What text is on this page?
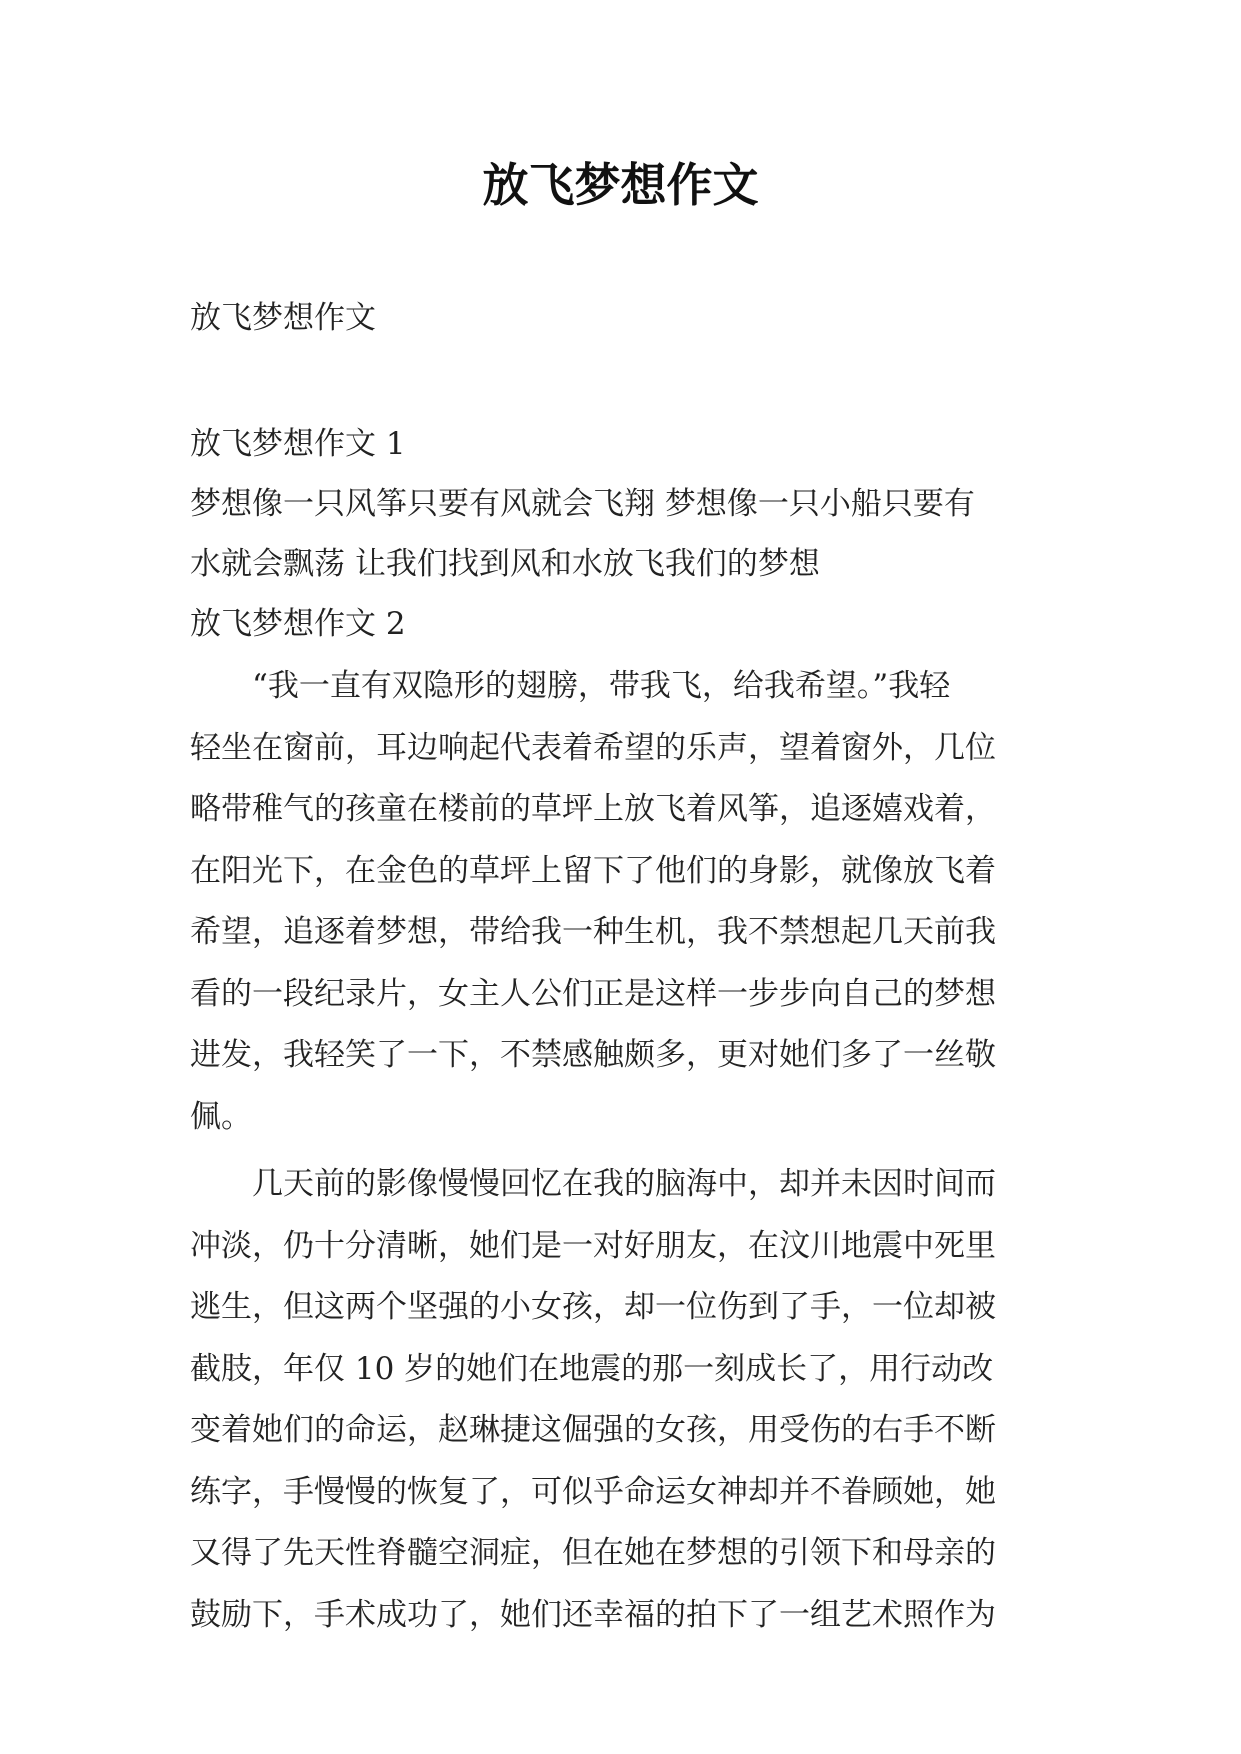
放飞梦想作文
放飞梦想作文
放飞梦想作文 1
梦想像一只风筝只要有风就会飞翔 梦想像一只小船只要有
水就会飘荡 让我们找到风和水放飞我们的梦想
放飞梦想作文 2
“我一直有双隐形的翅膀，带我飞，给我希望。”我轻
轻坐在窗前，耳边响起代表着希望的乐声，望着窗外，几位
略带稚气的孩童在楼前的草坪上放飞着风筝，追逐嬉戏着，
在阳光下，在金色的草坪上留下了他们的身影，就像放飞着
希望，追逐着梦想，带给我一种生机，我不禁想起几天前我
看的一段纪录片，女主人公们正是这样一步步向自己的梦想
进发，我轻笑了一下，不禁感触颇多，更对她们多了一丝敬
佩。
几天前的影像慢慢回忆在我的脑海中，却并未因时间而
冲淡，仍十分清晰，她们是一对好朋友，在汶川地震中死里
逃生，但这两个坚强的小女孩，却一位伤到了手，一位却被
截肢，年仅 10 岁的她们在地震的那一刻成长了，用行动改
变着她们的命运，赵琳捷这倔强的女孩，用受伤的右手不断
练字，手慢慢的恢复了，可似乎命运女神却并不眷顾她，她
又得了先天性脊髓空洞症，但在她在梦想的引领下和母亲的
鼓励下，手术成功了，她们还幸福的拍下了一组艺术照作为
